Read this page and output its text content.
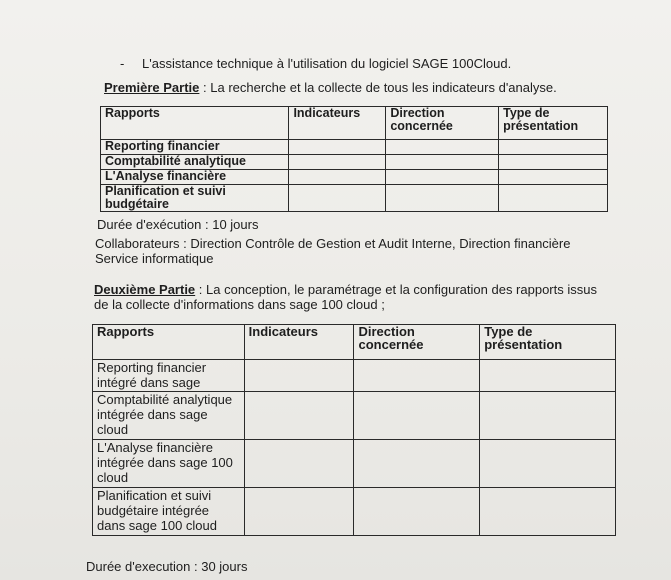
- L'assistance technique à l'utilisation du logiciel SAGE 100Cloud.
Première Partie : La recherche et la collecte de tous les indicateurs d'analyse.
Rapports	Indicateurs	Direction concernée	Type de présentation
Reporting financier			
Comptabilité analytique			
L'Analyse financière			
Planification et suivi budgétaire			
Durée d'exécution : 10 jours
Collaborateurs : Direction Contrôle de Gestion et Audit Interne, Direction financière Service informatique
Deuxième Partie : La conception, le paramétrage et la configuration des rapports issus de la collecte d'informations dans sage 100 cloud ;
Rapports	Indicateurs	Direction concernée	Type de présentation
Reporting financier intégré dans sage			
Comptabilité analytique intégrée dans sage cloud			
L'Analyse financière intégrée dans sage 100 cloud			
Planification et suivi budgétaire intégrée dans sage 100 cloud			
Durée d'execution : 30 jours
